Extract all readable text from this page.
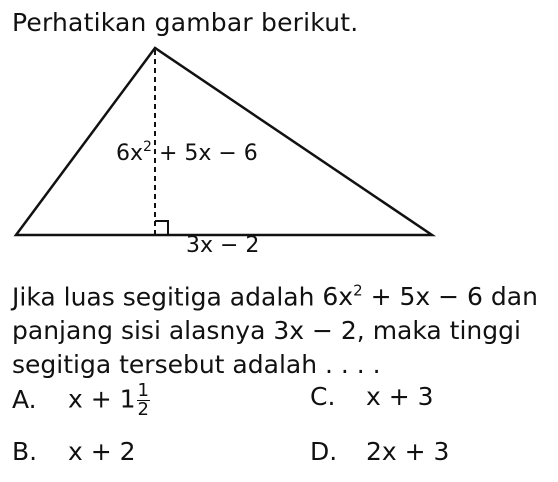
Perhatikan gambar berikut.
$6x^2 + 5x - 6$
3x − 2
Jika luas segitiga adalah $6x^2 + 5x - 6$ dan
panjang sisi alasnya 3x − 2, maka tinggi
segitiga tersebut adalah . . . .
A. $x + 1 \frac{1}{2}$
B. x + 2
C. x + 3
D. 2x + 3
